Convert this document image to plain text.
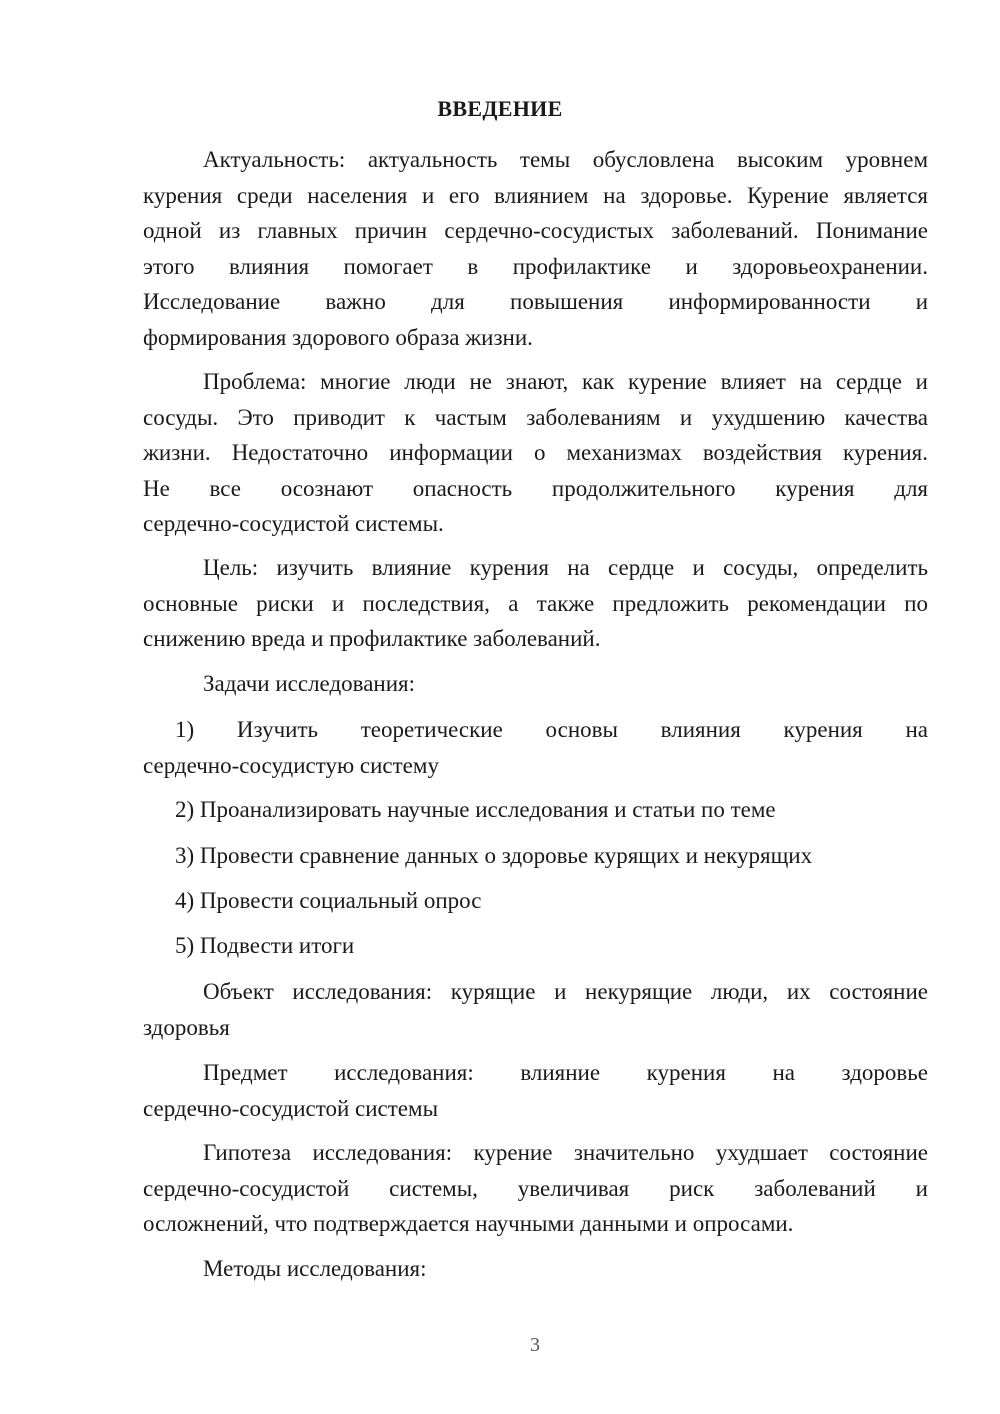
ВВЕДЕНИЕ
Актуальность: актуальность темы обусловлена высоким уровнем
курения среди населения и его влиянием на здоровье. Курение является
одной из главных причин сердечно-сосудистых заболеваний. Понимание
этого влияния помогает в профилактике и здоровьеохранении.
Исследование важно для повышения информированности и
формирования здорового образа жизни.
Проблема: многие люди не знают, как курение влияет на сердце и
сосуды. Это приводит к частым заболеваниям и ухудшению качества
жизни. Недостаточно информации о механизмах воздействия курения.
Не все осознают опасность продолжительного курения для
сердечно-сосудистой системы.
Цель: изучить влияние курения на сердце и сосуды, определить
основные риски и последствия, а также предложить рекомендации по
снижению вреда и профилактике заболеваний.
Задачи исследования:
1) Изучить теоретические основы влияния курения на
сердечно-сосудистую систему
2) Проанализировать научные исследования и статьи по теме
3) Провести сравнение данных о здоровье курящих и некурящих
4) Провести социальный опрос
5) Подвести итоги
Объект исследования: курящие и некурящие люди, их состояние
здоровья
Предмет исследования: влияние курения на здоровье
сердечно-сосудистой системы
Гипотеза исследования: курение значительно ухудшает состояние
сердечно-сосудистой системы, увеличивая риск заболеваний и
осложнений, что подтверждается научными данными и опросами.
Методы исследования:
3
